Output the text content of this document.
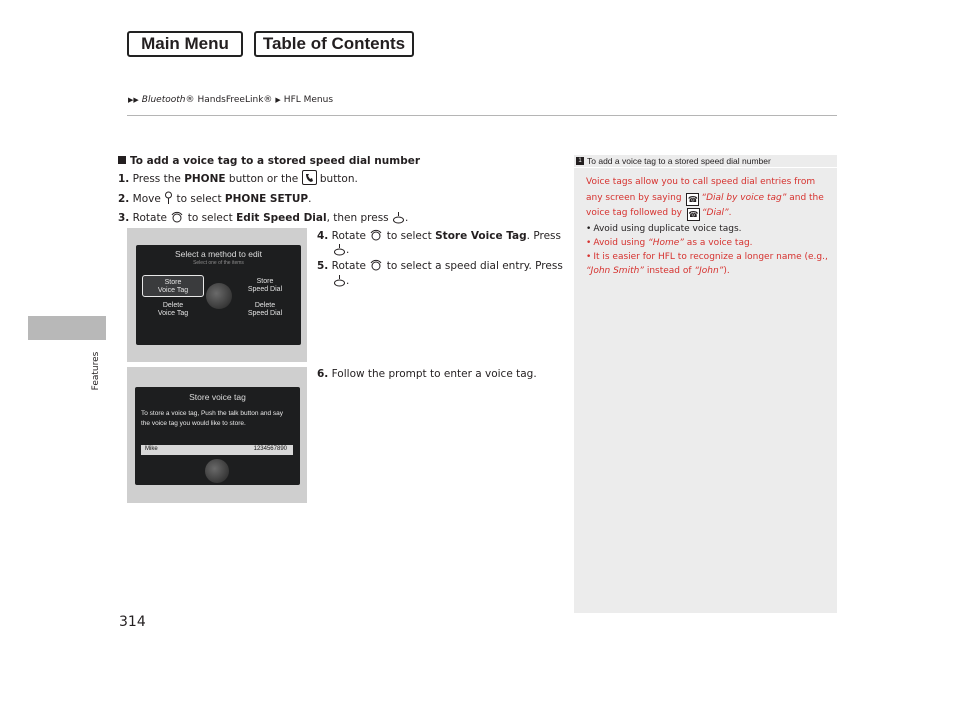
Main Menu	Table of Contents
▶▶ Bluetooth® HandsFreeLink® ▶ HFL Menus
Features
314
To add a voice tag to a stored speed dial number
1. Press the PHONE button or the
button.
2. Move  to select PHONE SETUP.
3. Rotate  to select Edit Speed Dial, then press .
4. Rotate  to select Store Voice Tag. Press
.
5. Rotate  to select a speed dial entry. Press
.
6. Follow the prompt to enter a voice tag.
Select a method to edit
Select one of the items
Store
Voice Tag
Store
Speed Dial
Delete
Voice Tag
Delete
Speed Dial
Store voice tag
To store a voice tag, Push the talk button and say the voice tag you would like to store.
Mike	1234567890
1 To add a voice tag to a stored speed dial number
Voice tags allow you to call speed dial entries from any screen by saying ☎ “Dial by voice tag” and the voice tag followed by ☎ “Dial”.
• Avoid using duplicate voice tags.
• Avoid using “Home” as a voice tag.
• It is easier for HFL to recognize a longer name (e.g., “John Smith” instead of “John”).
